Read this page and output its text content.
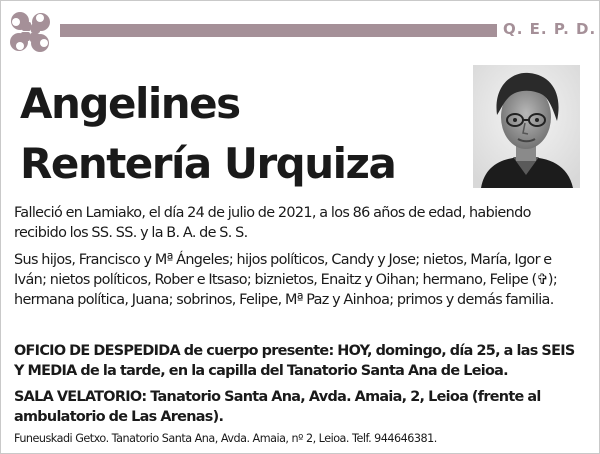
Q. E. P. D.
Angelines
Rentería Urquiza
Falleció en Lamiako, el día 24 de julio de 2021, a los 86 años de edad, habiendo recibido los SS. SS. y la B. A. de S. S.
Sus hijos, Francisco y Mª Ángeles; hijos políticos, Candy y Jose; nietos, María, Igor e Iván; nietos políticos, Rober e Itsaso; biznietos, Enaitz y Oihan; hermano, Felipe (✞); hermana política, Juana; sobrinos, Felipe, Mª Paz y Ainhoa; primos y demás familia.
OFICIO DE DESPEDIDA de cuerpo presente: HOY, domingo, día 25, a las SEIS Y MEDIA de la tarde, en la capilla del Tanatorio Santa Ana de Leioa.
SALA VELATORIO: Tanatorio Santa Ana, Avda. Amaia, 2, Leioa (frente al ambulatorio de Las Arenas).
Funeuskadi Getxo. Tanatorio Santa Ana, Avda. Amaia, nº 2, Leioa. Telf. 944646381.
